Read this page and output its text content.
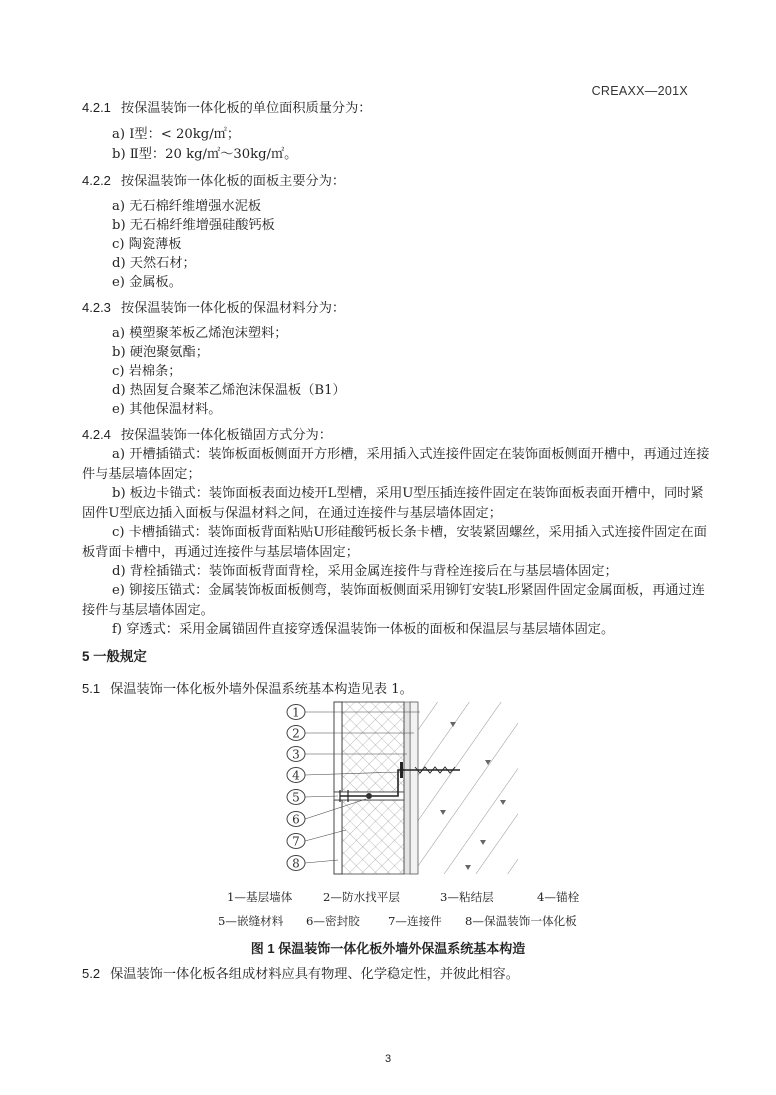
CREAXX—201X
4.2.1 按保温装饰一体化板的单位面积质量分为：
a) Ⅰ型：< 20kg/㎡；
b) Ⅱ型：20 kg/㎡～30kg/㎡。
4.2.2 按保温装饰一体化板的面板主要分为：
a) 无石棉纤维增强水泥板
b) 无石棉纤维增强硅酸钙板
c) 陶瓷薄板
d) 天然石材；
e) 金属板。
4.2.3 按保温装饰一体化板的保温材料分为：
a) 模塑聚苯板乙烯泡沫塑料；
b) 硬泡聚氨酯；
c) 岩棉条；
d) 热固复合聚苯乙烯泡沫保温板（B1）
e) 其他保温材料。
4.2.4 按保温装饰一体化板锚固方式分为：
a) 开槽插锚式：装饰板面板侧面开方形槽，采用插入式连接件固定在装饰面板侧面开槽中，再通过连接件与基层墙体固定；
b) 板边卡锚式：装饰面板表面边棱开L型槽，采用U型压插连接件固定在装饰面板表面开槽中，同时紧固件U型底边插入面板与保温材料之间，在通过连接件与基层墙体固定；
c) 卡槽插锚式：装饰面板背面粘贴U形硅酸钙板长条卡槽，安装紧固螺丝，采用插入式连接件固定在面板背面卡槽中，再通过连接件与基层墙体固定；
d) 背栓插锚式：装饰面板背面背栓，采用金属连接件与背栓连接后在与基层墙体固定；
e) 铆接压锚式：金属装饰板面板侧弯，装饰面板侧面采用铆钉安装L形紧固件固定金属面板，再通过连接件与基层墙体固定。
f) 穿透式：采用金属锚固件直接穿透保温装饰一体板的面板和保温层与基层墙体固定。
5 一般规定
5.1 保温装饰一体化板外墙外保温系统基本构造见表 1。
1
2
3
4
5
6
7
8
1—基层墙体	2—防水找平层	3—粘结层	4—锚栓
5—嵌缝材料 6—密封胶 7—连接件 8—保温装饰一体化板
图 1 保温装饰一体化板外墙外保温系统基本构造
5.2 保温装饰一体化板各组成材料应具有物理、化学稳定性，并彼此相容。
3
